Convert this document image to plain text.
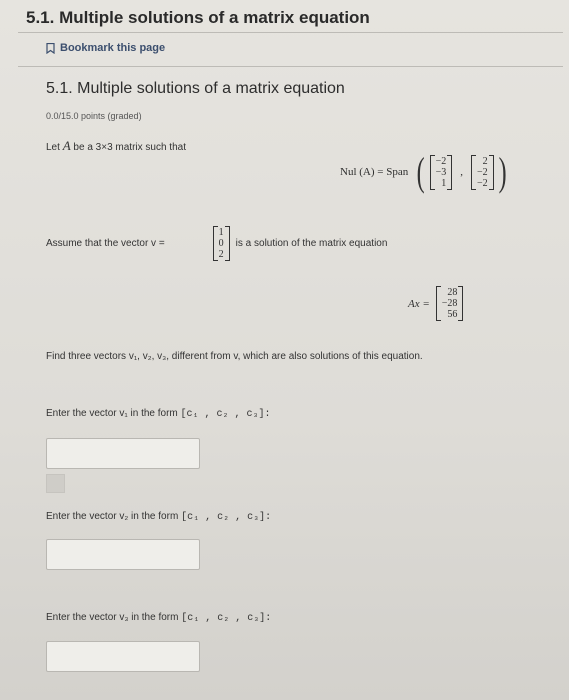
5.1. Multiple solutions of a matrix equation
Bookmark this page
5.1. Multiple solutions of a matrix equation
0.0/15.0 points (graded)
Let A be a 3×3 matrix such that
Nul (A) = Span ( −2
−3
1
,
2
−2
−2 )
Assume that the vector v =
1
0
2
is a solution of the matrix equation
Ax =
28
−28
56
Find three vectors v₁, v₂, v₃, different from v, which are also solutions of this equation.
Enter the vector v₁ in the form [c₁ , c₂ , c₃]:
Enter the vector v₂ in the form [c₁ , c₂ , c₃]:
Enter the vector v₃ in the form [c₁ , c₂ , c₃]:
